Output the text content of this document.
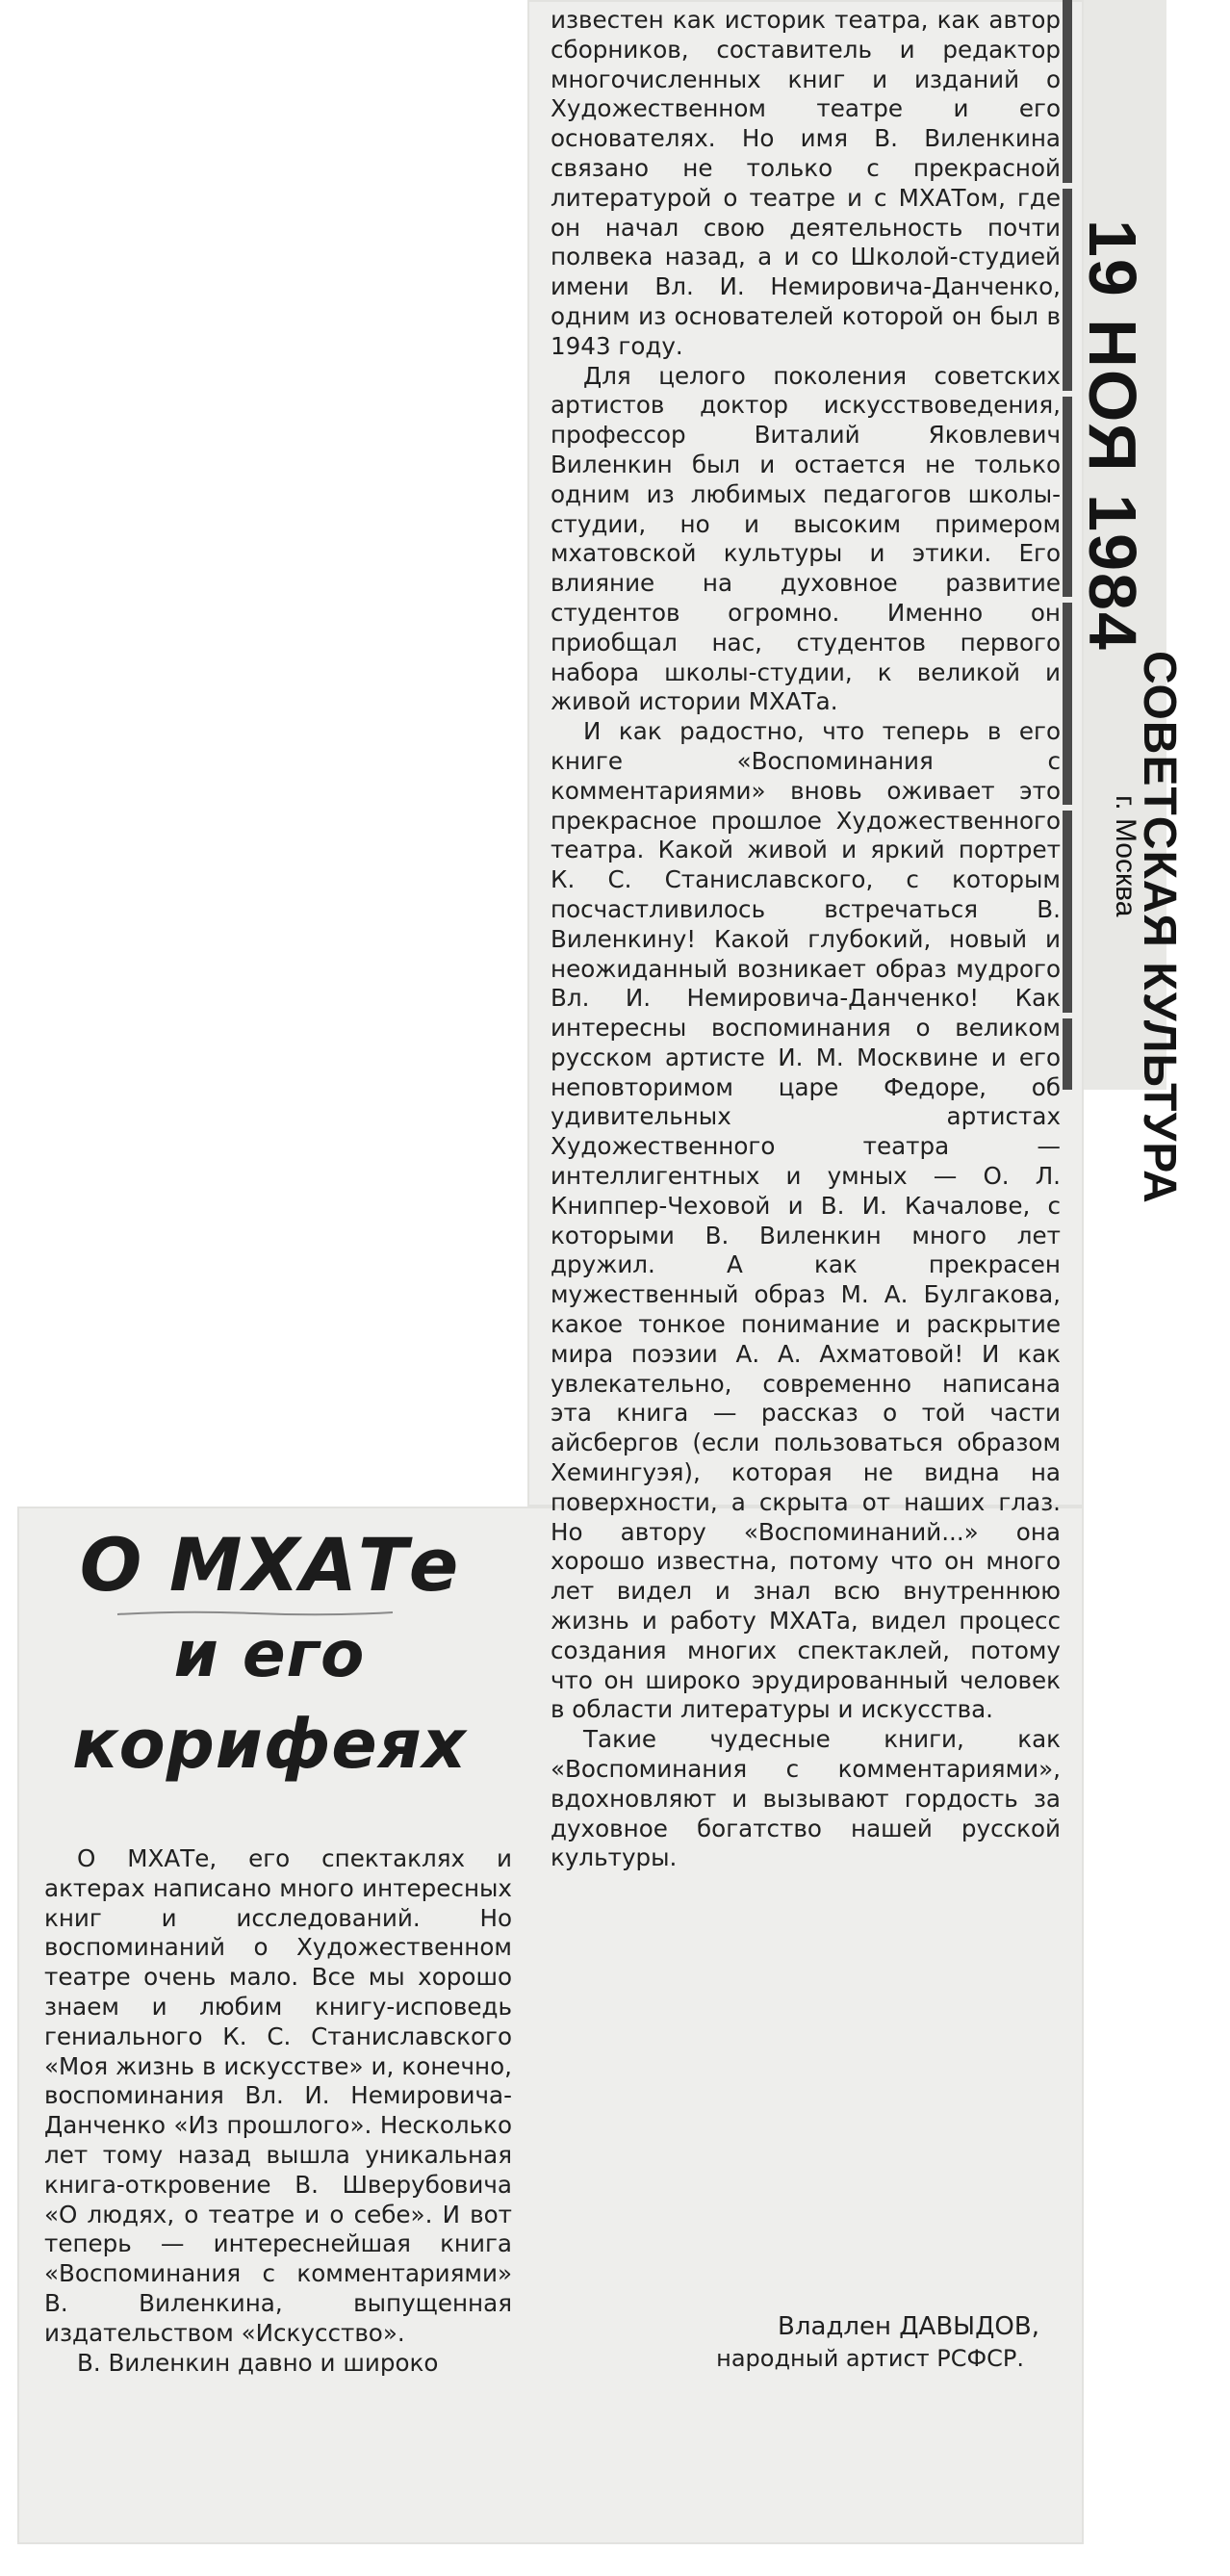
19 НОЯ 1984
СОВЕТСКАЯ КУЛЬТУРА
г. Москва

известен как историк театра, как автор сборников, составитель и редактор многочисленных книг и изданий о Художественном театре и его основателях. Но имя В. Виленкина связано не только с прекрасной литературой о театре и с МХАТом, где он начал свою деятельность почти полвека назад, а и со Школой-студией имени Вл. И. Немировича-Данченко, одним из основателей которой он был в 1943 году.

Для целого поколения советских артистов доктор искусствоведения, профессор Виталий Яковлевич Виленкин был и остается не только одним из любимых педагогов школы-студии, но и высоким примером мхатовской культуры и этики. Его влияние на духовное развитие студентов огромно. Именно он приобщал нас, студентов первого набора школы-студии, к великой и живой истории МХАТа.

И как радостно, что теперь в его книге «Воспоминания с комментариями» вновь оживает это прекрасное прошлое Художественного театра. Какой живой и яркий портрет К. С. Станиславского, с которым посчастливилось встречаться В. Виленкину! Какой глубокий, новый и неожиданный возникает образ мудрого Вл. И. Немировича-Данченко! Как интересны воспоминания о великом русском артисте И. М. Москвине и его неповторимом царе Федоре, об удивительных артистах Художественного театра — интеллигентных и умных — О. Л. Книппер-Чеховой и В. И. Качалове, с которыми В. Виленкин много лет дружил. А как прекрасен мужественный образ М. А. Булгакова, какое тонкое понимание и раскрытие мира поэзии А. А. Ахматовой! И как увлекательно, современно написана эта книга — рассказ о той части айсбергов (если пользоваться образом Хемингуэя), которая не видна на поверхности, а скрыта от наших глаз. Но автору «Воспоминаний...» она хорошо известна, потому что он много лет видел и знал всю внутреннюю жизнь и работу МХАТа, видел процесс создания многих спектаклей, потому что он широко эрудированный человек в области литературы и искусства.

Такие чудесные книги, как «Воспоминания с комментариями», вдохновляют и вызывают гордость за духовное богатство нашей русской культуры.

О МХАТе
и его
корифеях

О МХАТе, его спектаклях и актерах написано много интересных книг и исследований. Но воспоминаний о Художественном театре очень мало. Все мы хорошо знаем и любим книгу-исповедь гениального К. С. Станиславского «Моя жизнь в искусстве» и, конечно, воспоминания Вл. И. Немировича-Данченко «Из прошлого». Несколько лет тому назад вышла уникальная книга-откровение В. Шверубовича «О людях, о театре и о себе». И вот теперь — интереснейшая книга «Воспоминания с комментариями» В. Виленкина, выпущенная издательством «Искусство».

В. Виленкин давно и широко

Владлен ДАВЫДОВ,
народный артист РСФСР.
